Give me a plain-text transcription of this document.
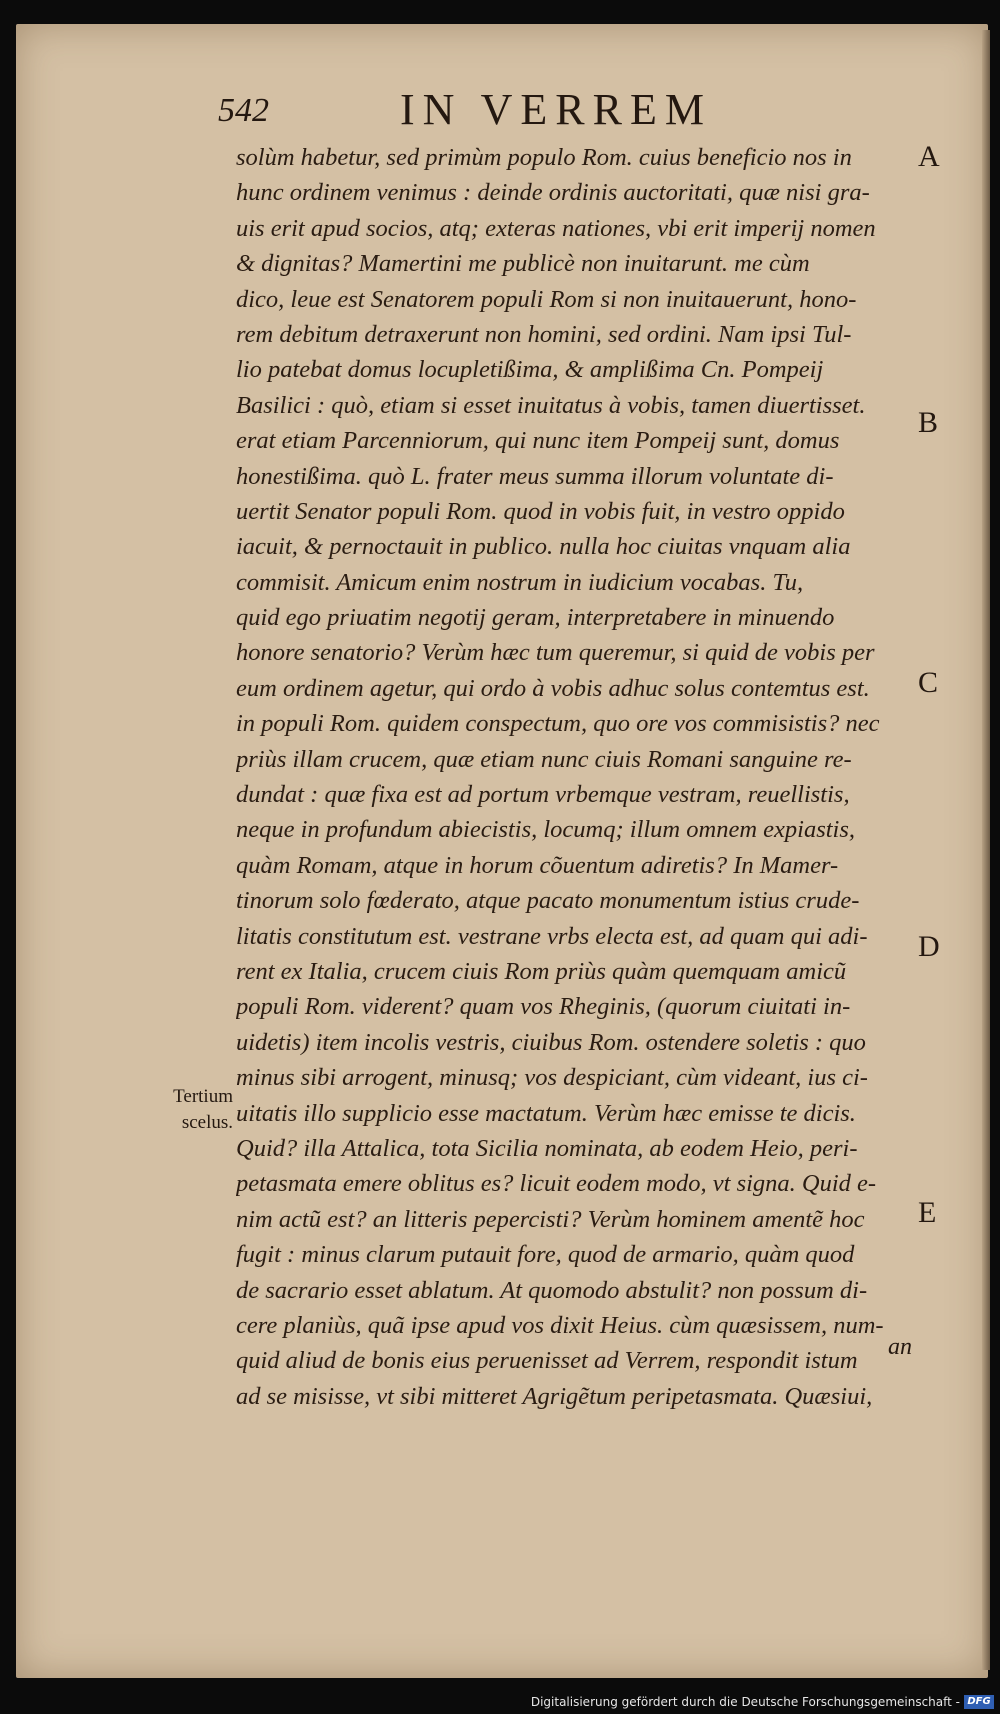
542	IN VERREM
solùm habetur, sed primùm populo Rom. cuius beneficio nos in
hunc ordinem venimus : deinde ordinis auctoritati, quæ nisi gra-
uis erit apud socios, atq; exteras nationes, vbi erit imperij nomen
& dignitas? Mamertini me publicè non inuitarunt. me cùm
dico, leue est Senatorem populi Rom si non inuitauerunt, hono-
rem debitum detraxerunt non homini, sed ordini. Nam ipsi Tul-
lio patebat domus locupletißima, & amplißima Cn. Pompeij
Basilici : quò, etiam si esset inuitatus à vobis, tamen diuertisset.
erat etiam Parcenniorum, qui nunc item Pompeij sunt, domus
honestißima. quò L. frater meus summa illorum voluntate di-
uertit Senator populi Rom. quod in vobis fuit, in vestro oppido
iacuit, & pernoctauit in publico. nulla hoc ciuitas vnquam alia
commisit. Amicum enim nostrum in iudicium vocabas. Tu,
quid ego priuatim negotij geram, interpretabere in minuendo
honore senatorio? Verùm hæc tum queremur, si quid de vobis per
eum ordinem agetur, qui ordo à vobis adhuc solus contemtus est.
in populi Rom. quidem conspectum, quo ore vos commisistis? nec
priùs illam crucem, quæ etiam nunc ciuis Romani sanguine re-
dundat : quæ fixa est ad portum vrbemque vestram, reuellistis,
neque in profundum abiecistis, locumq; illum omnem expiastis,
quàm Romam, atque in horum cõuentum adiretis? In Mamer-
tinorum solo fœderato, atque pacato monumentum istius crude-
litatis constitutum est. vestrane vrbs electa est, ad quam qui adi-
rent ex Italia, crucem ciuis Rom priùs quàm quemquam amicũ
populi Rom. viderent? quam vos Rheginis, (quorum ciuitati in-
uidetis) item incolis vestris, ciuibus Rom. ostendere soletis : quo
minus sibi arrogent, minusq; vos despiciant, cùm videant, ius ci-
uitatis illo supplicio esse mactatum. Verùm hæc emisse te dicis.
Quid? illa Attalica, tota Sicilia nominata, ab eodem Heio, peri-
petasmata emere oblitus es? licuit eodem modo, vt signa. Quid e-
nim actũ est? an litteris pepercisti? Verùm hominem amentẽ hoc
fugit : minus clarum putauit fore, quod de armario, quàm quod
de sacrario esset ablatum. At quomodo abstulit? non possum di-
cere planiùs, quã ipse apud vos dixit Heius. cùm quæsissem, num-
quid aliud de bonis eius peruenisset ad Verrem, respondit istum
ad se misisse, vt sibi mitteret Agrigẽtum peripetasmata. Quæsiui,
A
B
C
D
E
Tertium
scelus.
an
Digitalisierung gefördert durch die Deutsche Forschungsgemeinschaft - DFG
